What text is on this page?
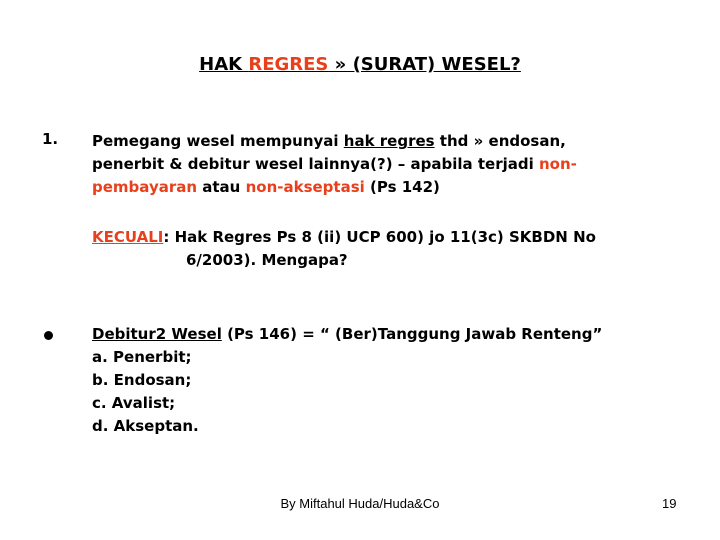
HAK REGRES » (SURAT) WESEL?
1. Pemegang wesel mempunyai hak regres thd » endosan,
penerbit & debitur wesel lainnya(?) – apabila terjadi non-
pembayaran atau non-akseptasi (Ps 142)
KECUALI: Hak Regres Ps 8 (ii) UCP 600) jo 11(3c) SKBDN No
6/2003). Mengapa?
Debitur2 Wesel (Ps 146) = “ (Ber)Tanggung Jawab Renteng”
a. Penerbit;
b. Endosan;
c. Avalist;
d. Akseptan.
By Miftahul Huda/Huda&Co	19
